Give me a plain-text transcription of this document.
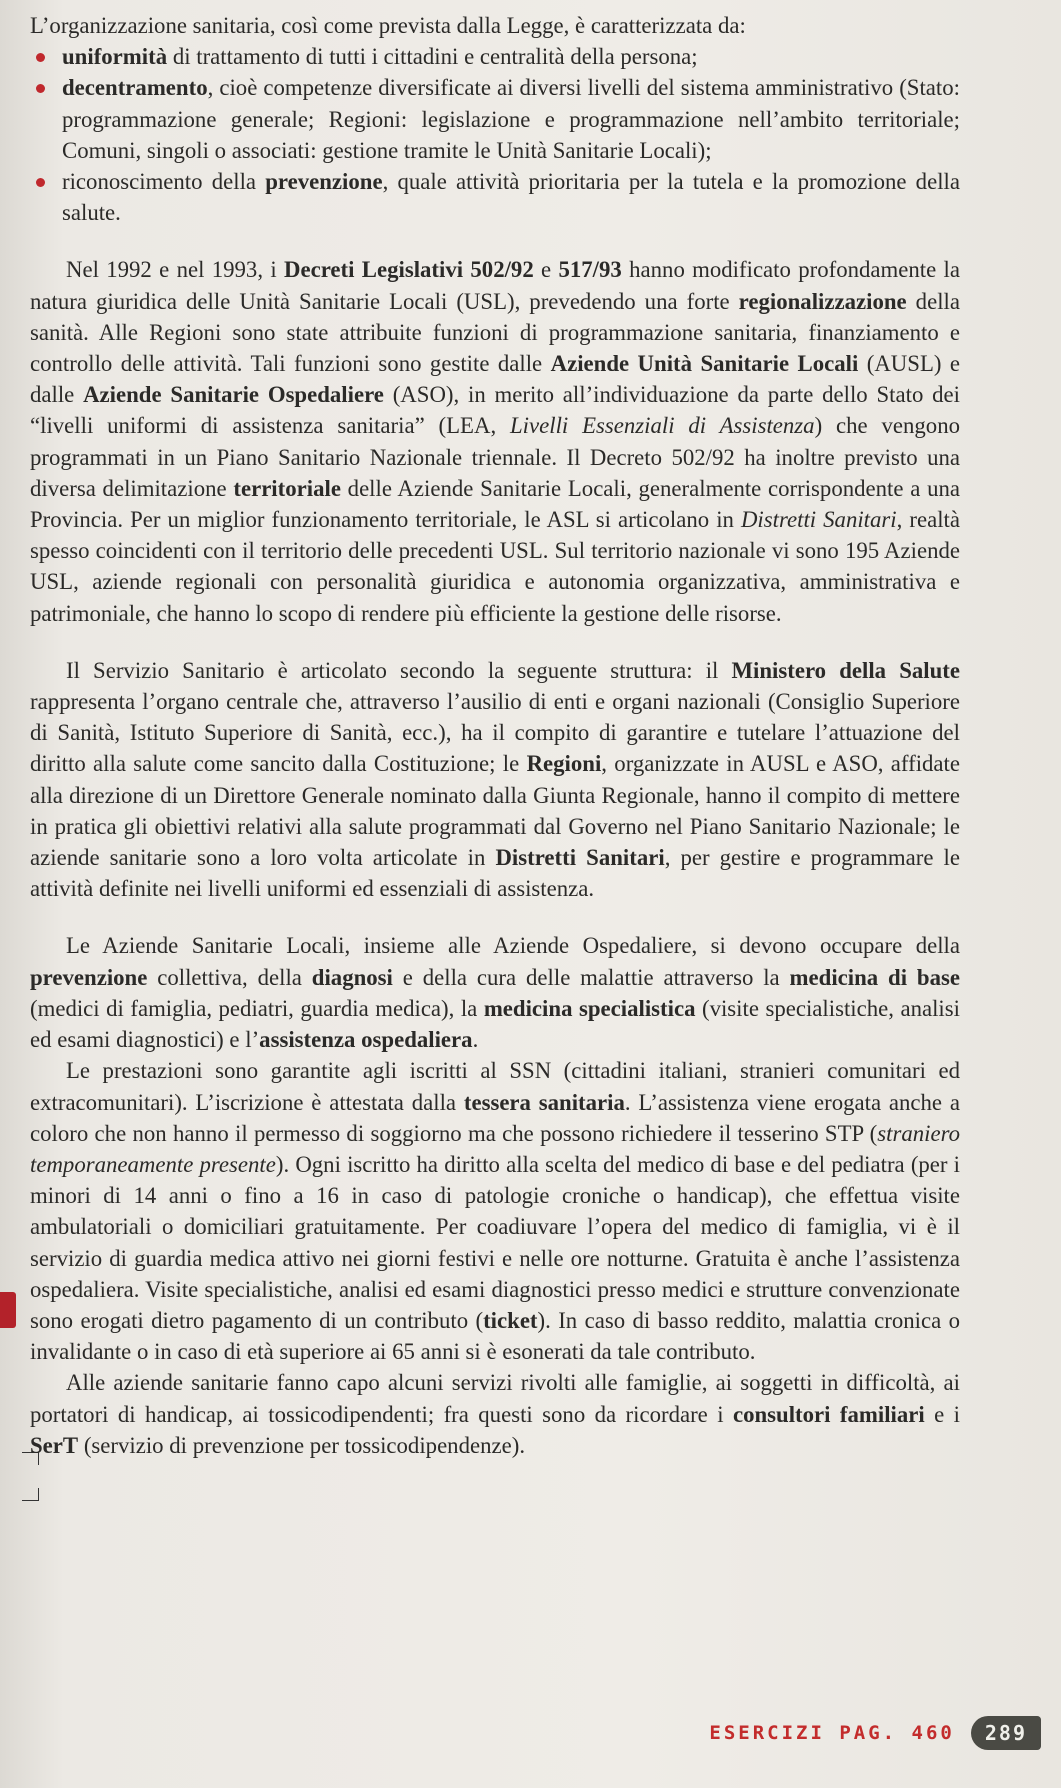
L’organizzazione sanitaria, così come prevista dalla Legge, è caratterizzata da:

uniformità di trattamento di tutti i cittadini e centralità della persona;
decentramento, cioè competenze diversificate ai diversi livelli del sistema amministrativo (Stato: programmazione generale; Regioni: legislazione e programmazione nell’ambito territoriale; Comuni, singoli o associati: gestione tramite le Unità Sanitarie Locali);
riconoscimento della prevenzione, quale attività prioritaria per la tutela e la promozione della salute.

Nel 1992 e nel 1993, i Decreti Legislativi 502/92 e 517/93 hanno modificato profondamente la natura giuridica delle Unità Sanitarie Locali (USL), prevedendo una forte regionalizzazione della sanità. Alle Regioni sono state attribuite funzioni di programmazione sanitaria, finanziamento e controllo delle attività. Tali funzioni sono gestite dalle Aziende Unità Sanitarie Locali (AUSL) e dalle Aziende Sanitarie Ospedaliere (ASO), in merito all’individuazione da parte dello Stato dei “livelli uniformi di assistenza sanitaria” (LEA, Livelli Essenziali di Assistenza) che vengono programmati in un Piano Sanitario Nazionale triennale. Il Decreto 502/92 ha inoltre previsto una diversa delimitazione territoriale delle Aziende Sanitarie Locali, generalmente corrispondente a una Provincia. Per un miglior funzionamento territoriale, le ASL si articolano in Distretti Sanitari, realtà spesso coincidenti con il territorio delle precedenti USL. Sul territorio nazionale vi sono 195 Aziende USL, aziende regionali con personalità giuridica e autonomia organizzativa, amministrativa e patrimoniale, che hanno lo scopo di rendere più efficiente la gestione delle risorse.

Il Servizio Sanitario è articolato secondo la seguente struttura: il Ministero della Salute rappresenta l’organo centrale che, attraverso l’ausilio di enti e organi nazionali (Consiglio Superiore di Sanità, Istituto Superiore di Sanità, ecc.), ha il compito di garantire e tutelare l’attuazione del diritto alla salute come sancito dalla Costituzione; le Regioni, organizzate in AUSL e ASO, affidate alla direzione di un Direttore Generale nominato dalla Giunta Regionale, hanno il compito di mettere in pratica gli obiettivi relativi alla salute programmati dal Governo nel Piano Sanitario Nazionale; le aziende sanitarie sono a loro volta articolate in Distretti Sanitari, per gestire e programmare le attività definite nei livelli uniformi ed essenziali di assistenza.

Le Aziende Sanitarie Locali, insieme alle Aziende Ospedaliere, si devono occupare della prevenzione collettiva, della diagnosi e della cura delle malattie attraverso la medicina di base (medici di famiglia, pediatri, guardia medica), la medicina specialistica (visite specialistiche, analisi ed esami diagnostici) e l’assistenza ospedaliera.

Le prestazioni sono garantite agli iscritti al SSN (cittadini italiani, stranieri comunitari ed extracomunitari). L’iscrizione è attestata dalla tessera sanitaria. L’assistenza viene erogata anche a coloro che non hanno il permesso di soggiorno ma che possono richiedere il tesserino STP (straniero temporaneamente presente). Ogni iscritto ha diritto alla scelta del medico di base e del pediatra (per i minori di 14 anni o fino a 16 in caso di patologie croniche o handicap), che effettua visite ambulatoriali o domiciliari gratuitamente. Per coadiuvare l’opera del medico di famiglia, vi è il servizio di guardia medica attivo nei giorni festivi e nelle ore notturne. Gratuita è anche l’assistenza ospedaliera. Visite specialistiche, analisi ed esami diagnostici presso medici e strutture convenzionate sono erogati dietro pagamento di un contributo (ticket). In caso di basso reddito, malattia cronica o invalidante o in caso di età superiore ai 65 anni si è esonerati da tale contributo.

Alle aziende sanitarie fanno capo alcuni servizi rivolti alle famiglie, ai soggetti in difficoltà, ai portatori di handicap, ai tossicodipendenti; fra questi sono da ricordare i consultori familiari e i SerT (servizio di prevenzione per tossicodipendenze).

ESERCIZI PAG. 460	289
